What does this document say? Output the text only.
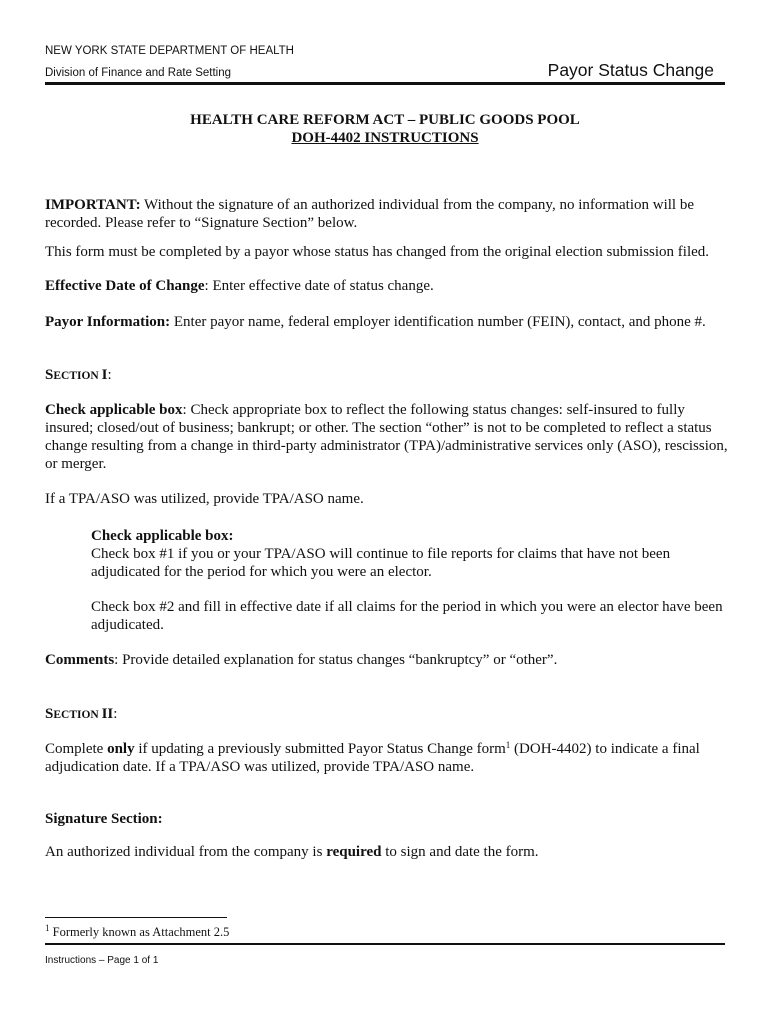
NEW YORK STATE DEPARTMENT OF HEALTH
Division of Finance and Rate Setting	Payor Status Change
HEALTH CARE REFORM ACT – PUBLIC GOODS POOL
DOH-4402 INSTRUCTIONS
IMPORTANT: Without the signature of an authorized individual from the company, no information will be recorded. Please refer to “Signature Section” below.
This form must be completed by a payor whose status has changed from the original election submission filed.
Effective Date of Change: Enter effective date of status change.
Payor Information: Enter payor name, federal employer identification number (FEIN), contact, and phone #.
SECTION I:
Check applicable box: Check appropriate box to reflect the following status changes: self-insured to fully insured; closed/out of business; bankrupt; or other. The section “other” is not to be completed to reflect a status change resulting from a change in third-party administrator (TPA)/administrative services only (ASO), rescission, or merger.
If a TPA/ASO was utilized, provide TPA/ASO name.
Check applicable box:
Check box #1 if you or your TPA/ASO will continue to file reports for claims that have not been adjudicated for the period for which you were an elector.
Check box #2 and fill in effective date if all claims for the period in which you were an elector have been adjudicated.
Comments: Provide detailed explanation for status changes “bankruptcy” or “other”.
SECTION II:
Complete only if updating a previously submitted Payor Status Change form$^1$ (DOH-4402) to indicate a final adjudication date. If a TPA/ASO was utilized, provide TPA/ASO name.
Signature Section:
An authorized individual from the company is required to sign and date the form.
$^1$ Formerly known as Attachment 2.5
Instructions – Page 1 of 1
